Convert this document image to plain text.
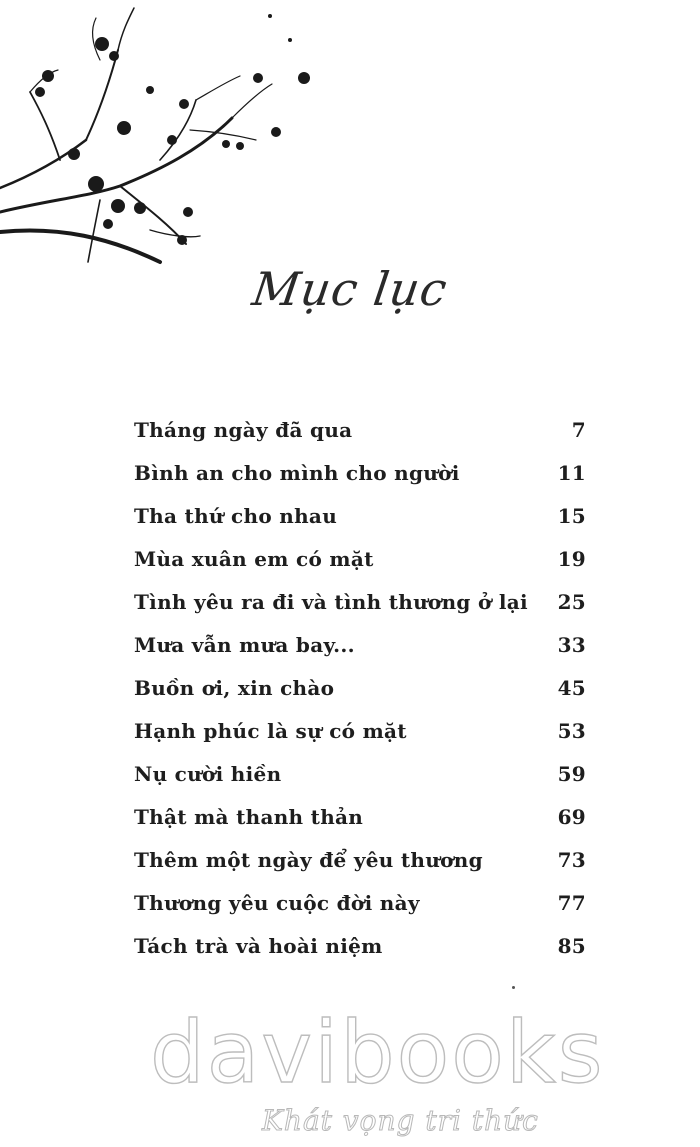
Mục lục
Tháng ngày đã qua	7
Bình an cho mình cho người	11
Tha thứ cho nhau	15
Mùa xuân em có mặt	19
Tình yêu ra đi và tình thương ở lại	25
Mưa vẫn mưa bay...	33
Buồn ơi, xin chào	45
Hạnh phúc là sự có mặt	53
Nụ cười hiền	59
Thật mà thanh thản	69
Thêm một ngày để yêu thương	73
Thương yêu cuộc đời này	77
Tách trà và hoài niệm	85
davibooks
Khát vọng tri thức
